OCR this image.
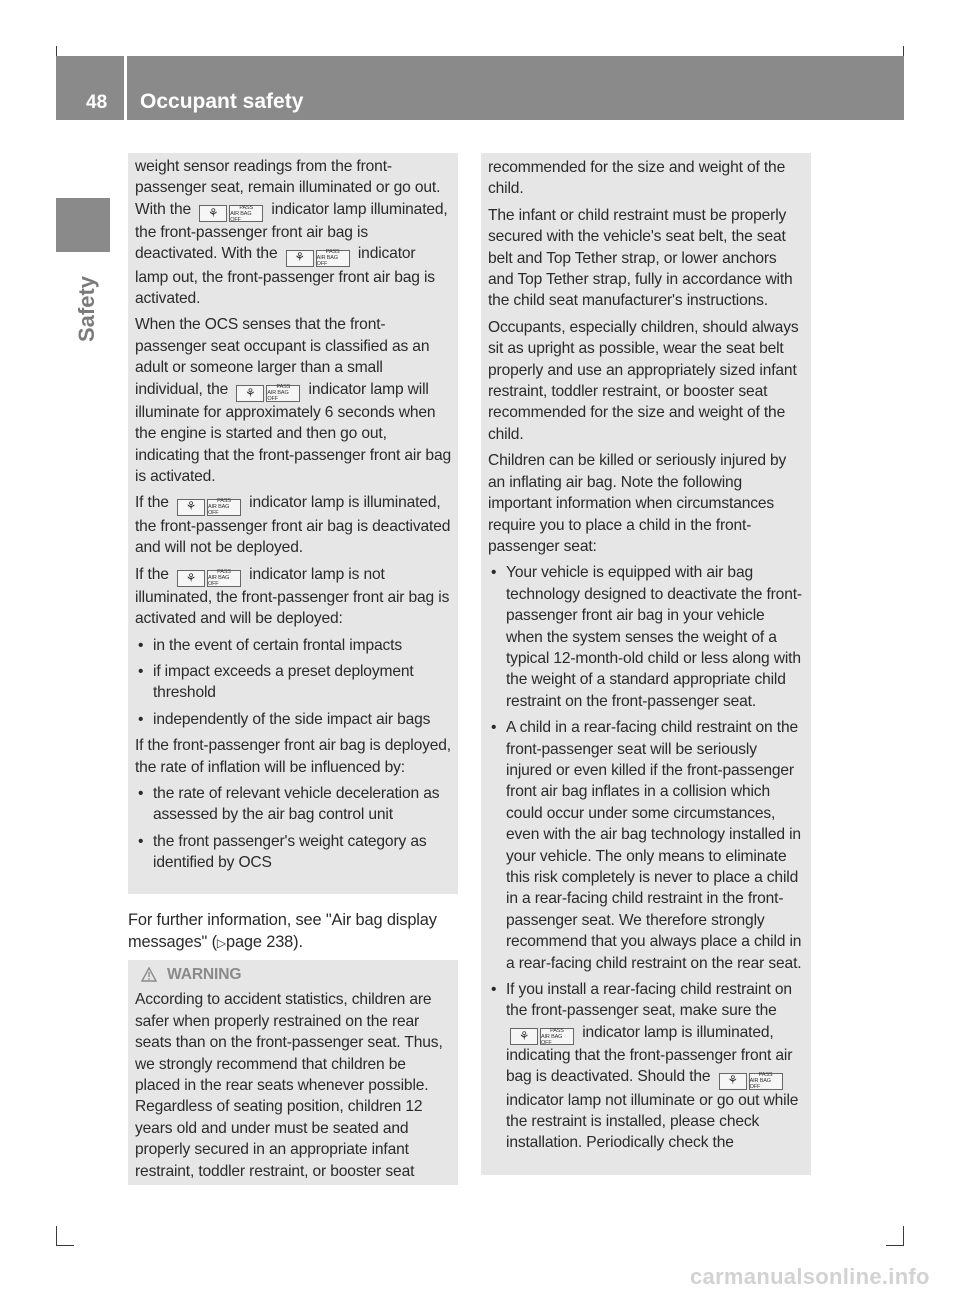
48 Occupant safety
Safety

weight sensor readings from the front-passenger seat, remain illuminated or go out. With the	⚘	PASS
AIR BAG OFF
indicator lamp illuminated, the front-passenger front air bag is deactivated. With the	⚘	PASS
AIR BAG OFF
indicator lamp out, the front-passenger front air bag is activated.

When the OCS senses that the front-passenger seat occupant is classified as an adult or someone larger than a small individual, the	⚘	PASS
AIR BAG OFF
indicator lamp will illuminate for approximately 6 seconds when the engine is started and then go out, indicating that the front-passenger front air bag is activated.

If the	⚘	PASS
AIR BAG OFF
indicator lamp is illuminated, the front-passenger front air bag is deactivated and will not be deployed.

If the	⚘	PASS
AIR BAG OFF
indicator lamp is not illuminated, the front-passenger front air bag is activated and will be deployed:

• in the event of certain frontal impacts
• if impact exceeds a preset deployment threshold
• independently of the side impact air bags

If the front-passenger front air bag is deployed, the rate of inflation will be influenced by:

• the rate of relevant vehicle deceleration as assessed by the air bag control unit
• the front passenger's weight category as identified by OCS
For further information, see "Air bag display messages" (▷page 238).
WARNING

According to accident statistics, children are safer when properly restrained on the rear seats than on the front-passenger seat. Thus, we strongly recommend that children be placed in the rear seats whenever possible. Regardless of seating position, children 12 years old and under must be seated and properly secured in an appropriate infant restraint, toddler restraint, or booster seat

recommended for the size and weight of the child.

The infant or child restraint must be properly secured with the vehicle's seat belt, the seat belt and Top Tether strap, or lower anchors and Top Tether strap, fully in accordance with the child seat manufacturer's instructions.

Occupants, especially children, should always sit as upright as possible, wear the seat belt properly and use an appropriately sized infant restraint, toddler restraint, or booster seat recommended for the size and weight of the child.

Children can be killed or seriously injured by an inflating air bag. Note the following important information when circumstances require you to place a child in the front-passenger seat:

• Your vehicle is equipped with air bag technology designed to deactivate the front-passenger front air bag in your vehicle when the system senses the weight of a typical 12-month-old child or less along with the weight of a standard appropriate child restraint on the front-passenger seat.
• A child in a rear-facing child restraint on the front-passenger seat will be seriously injured or even killed if the front-passenger front air bag inflates in a collision which could occur under some circumstances, even with the air bag technology installed in your vehicle. The only means to eliminate this risk completely is never to place a child in a rear-facing child restraint in the front-passenger seat. We therefore strongly recommend that you always place a child in a rear-facing child restraint on the rear seat.
• If you install a rear-facing child restraint on the front-passenger seat, make sure the
⚘	PASS
AIR BAG OFF
indicator lamp is illuminated, indicating that the front-passenger front air bag is deactivated. Should the	⚘	PASS
AIR BAG OFF
indicator lamp not illuminate or go out while the restraint is installed, please check installation. Periodically check the
carmanualsonline.info
